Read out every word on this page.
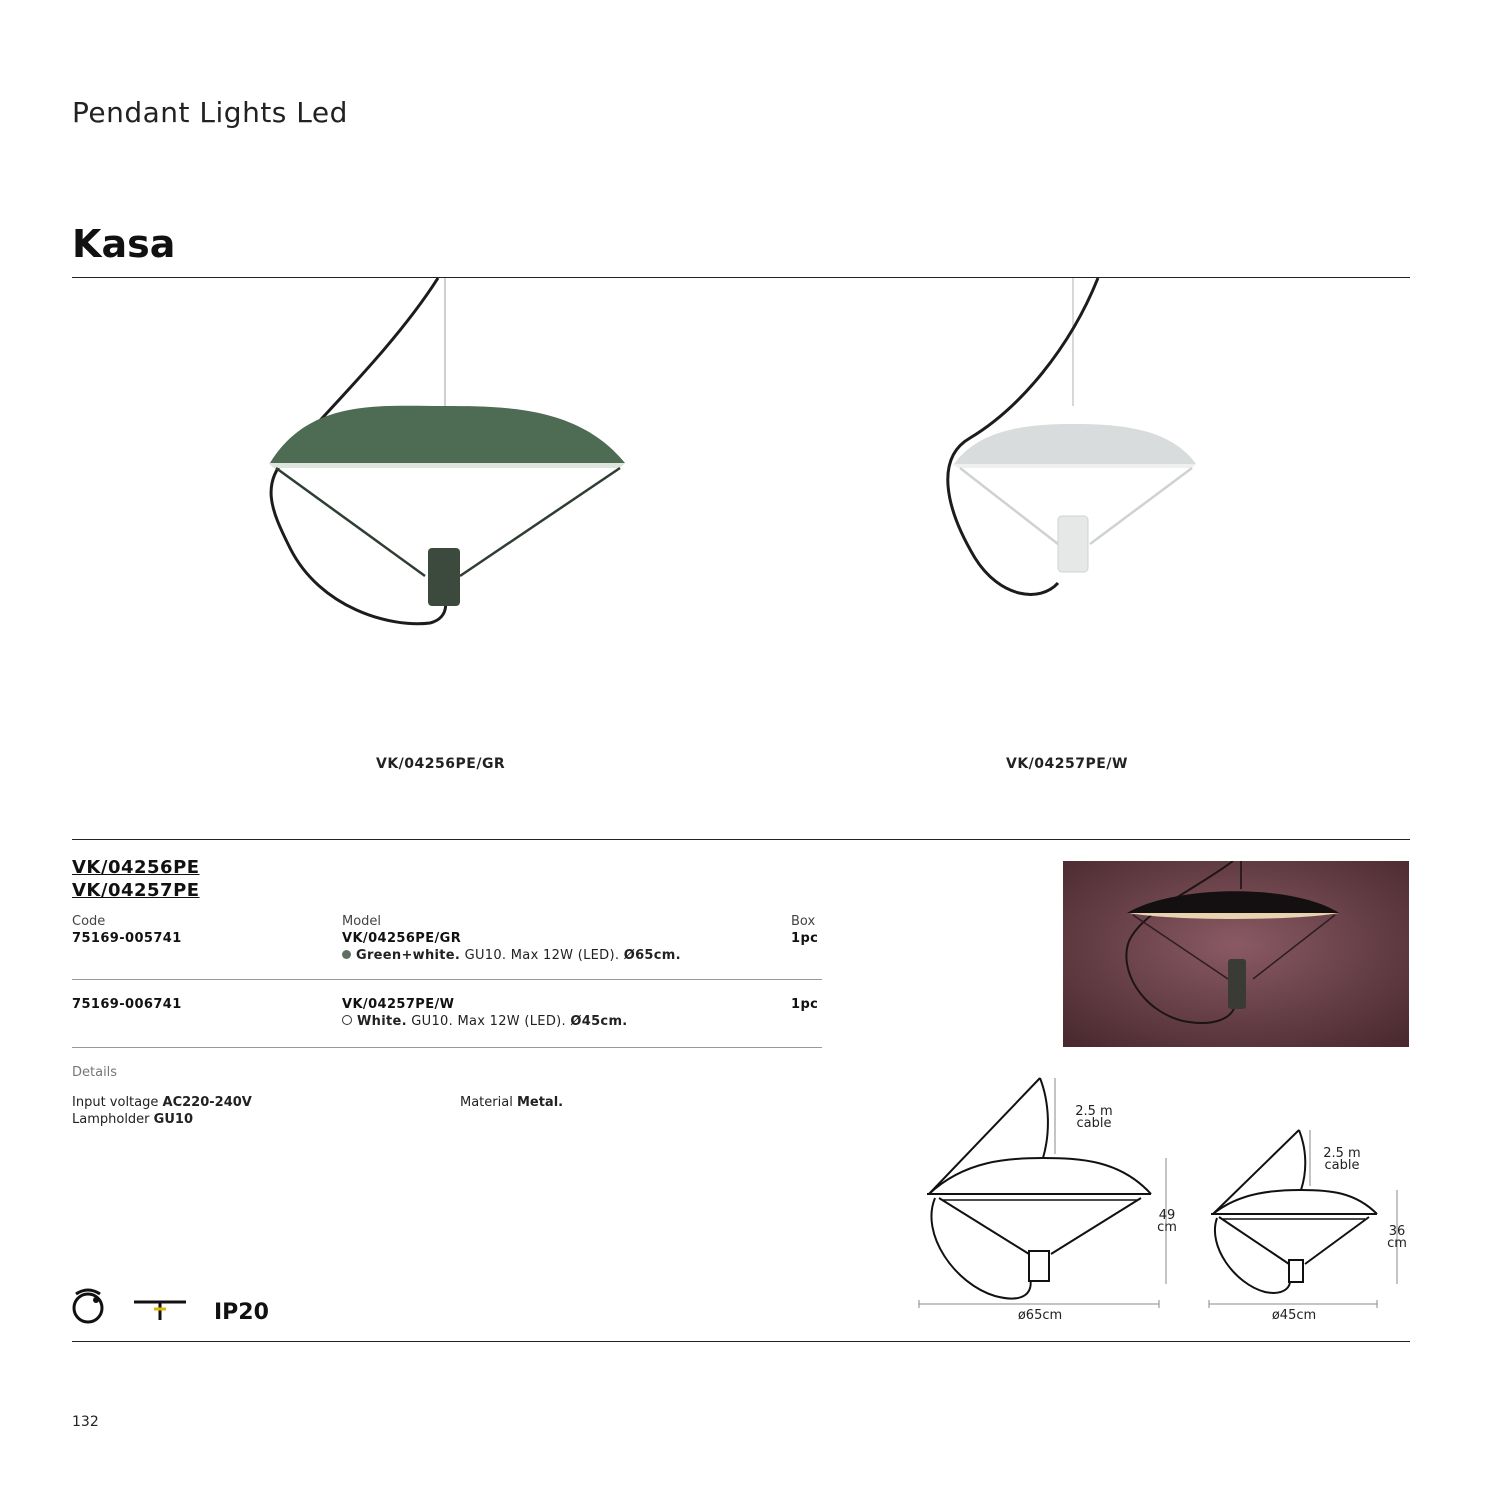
Pendant Lights Led
Kasa
VK/04256PE/GR	VK/04257PE/W
VK/04256PE
VK/04257PE
Code	Model	Box
75169-005741	VK/04256PE/GR	1pc
Green+white. GU10. Max 12W (LED). Ø65cm.
75169-006741	VK/04257PE/W	1pc
White. GU10. Max 12W (LED). Ø45cm.
Details
Input voltage AC220-240V
Lampholder GU10
Material Metal.
IP20
2.5 m
cable
49
cm
ø65cm
2.5 m
cable
36
cm
ø45cm
132
